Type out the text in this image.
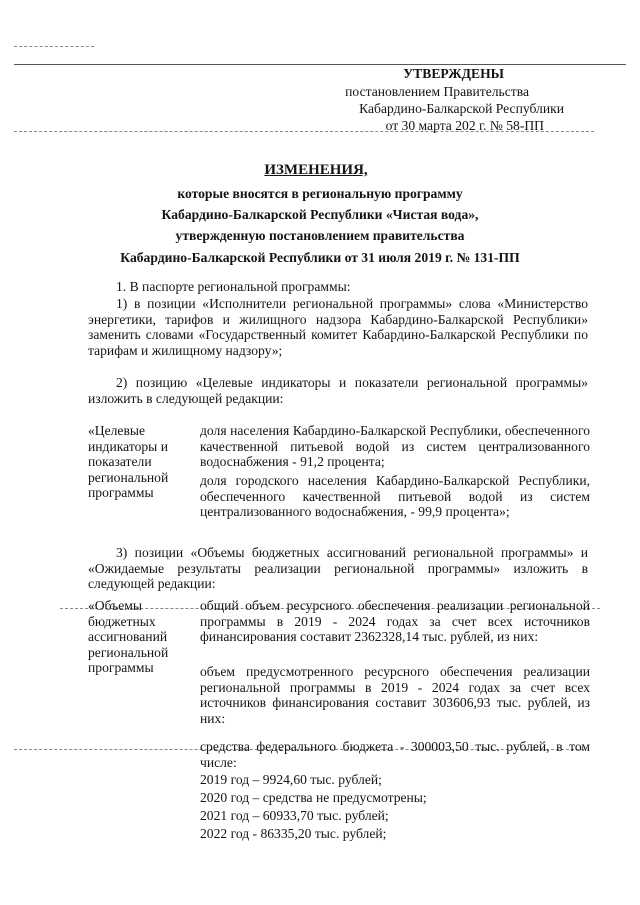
УТВЕРЖДЕНЫ
постановлением Правительства
Кабардино-Балкарской Республики
от 30 марта 202 г. № 58-ПП
ИЗМЕНЕНИЯ,
которые вносятся в региональную программу
Кабардино-Балкарской Республики «Чистая вода»,
утвержденную постановлением правительства
Кабардино-Балкарской Республики от 31 июля 2019 г. № 131-ПП
1. В паспорте региональной программы:
1) в позиции «Исполнители региональной программы» слова «Министерство энергетики, тарифов и жилищного надзора Кабардино-Балкарской Республики» заменить словами «Государственный комитет Кабардино-Балкарской Республики по тарифам и жилищному надзору»;
2) позицию «Целевые индикаторы и показатели региональной программы» изложить в следующей редакции:
«Целевые индикаторы и показатели региональной программы
доля населения Кабардино-Балкарской Республики, обеспеченного качественной питьевой водой из систем централизованного водоснабжения - 91,2 процента;
доля городского населения Кабардино-Балкарской Республики, обеспеченного качественной питьевой водой из систем централизованного водоснабжения, - 99,9 процента»;
3) позиции «Объемы бюджетных ассигнований региональной программы» и «Ожидаемые результаты реализации региональной программы» изложить в следующей редакции:
«Объемы бюджетных ассигнований региональной программы
общий объем ресурсного обеспечения реализации региональной программы в 2019 - 2024 годах за счет всех источников финансирования составит 2362328,14 тыс. рублей, из них:
объем предусмотренного ресурсного обеспечения реализации региональной программы в 2019 - 2024 годах за счет всех источников финансирования составит 303606,93 тыс. рублей, из них:
средства федерального бюджета - 300003,50 тыс. рублей, в том числе:
2019 год – 9924,60 тыс. рублей;
2020 год – средства не предусмотрены;
2021 год – 60933,70 тыс. рублей;
2022 год - 86335,20 тыс. рублей;
